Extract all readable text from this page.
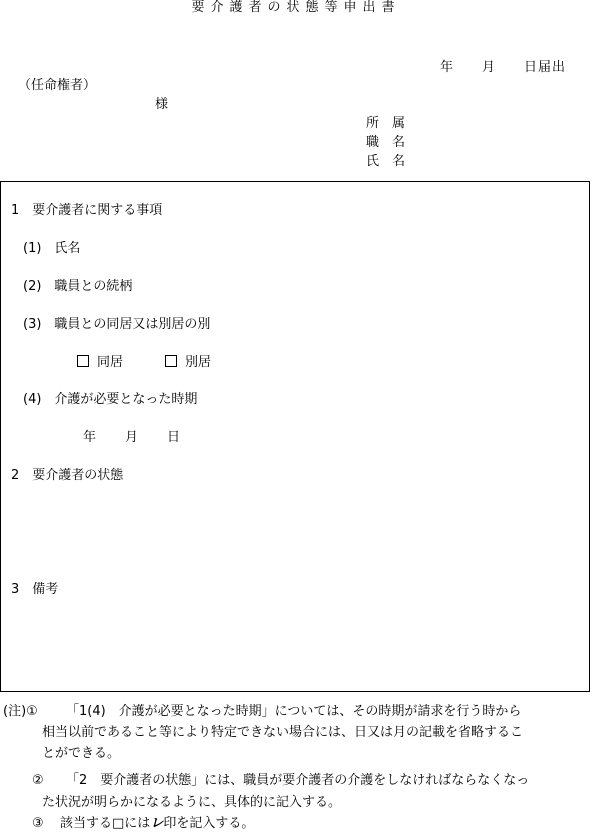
要介護者の状態等申出書
年　　月　　日届出
（任命権者）
様
所　属
職　名
氏　名
1　要介護者に関する事項
(1)　氏名
(2)　職員との続柄
(3)　職員との同居又は別居の別
同居	別居
(4)　介護が必要となった時期
年　　月　　日
2　要介護者の状態
3　備考
(注)① 「1(4)　介護が必要となった時期」については、その時期が請求を行う時から
相当以前であること等により特定できない場合には、日又は月の記載を省略するこ
とができる。
② 「2　要介護者の状態」には、職員が要介護者の介護をしなければならなくなっ
た状況が明らかになるように、具体的に記入する。
③ 該当する□にはレ印を記入する。
